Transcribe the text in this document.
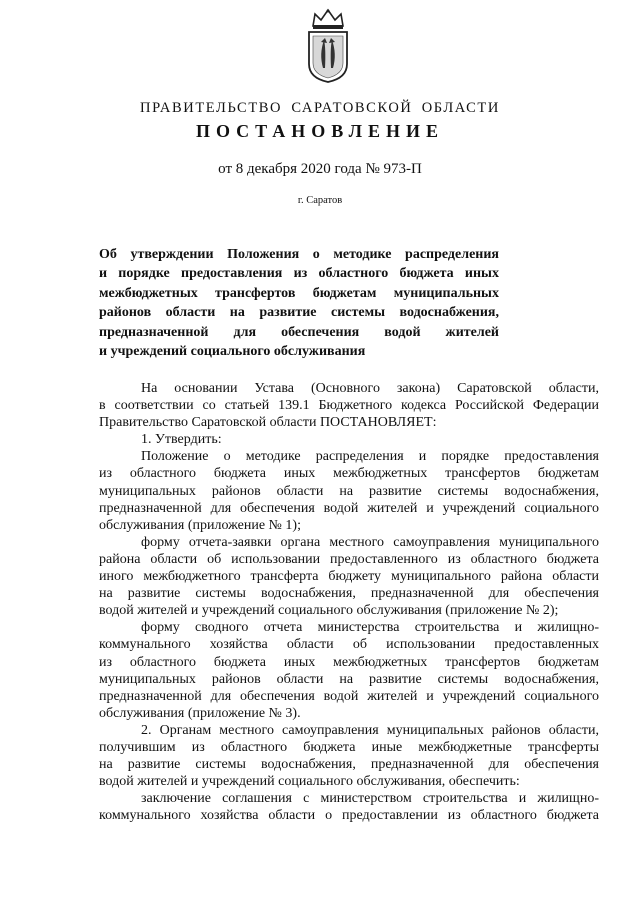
ПРАВИТЕЛЬСТВО САРАТОВСКОЙ ОБЛАСТИ
ПОСТАНОВЛЕНИЕ
от 8 декабря 2020 года № 973-П
г. Саратов
Об утверждении Положения о методике распределения
и порядке предоставления из областного бюджета иных
межбюджетных трансфертов бюджетам муниципальных
районов области на развитие системы водоснабжения,
предназначенной для обеспечения водой жителей
и учреждений социального обслуживания
На основании Устава (Основного закона) Саратовской области,
в соответствии со статьей 139.1 Бюджетного кодекса Российской Федерации
Правительство Саратовской области ПОСТАНОВЛЯЕТ:
1. Утвердить:
Положение о методике распределения и порядке предоставления
из областного бюджета иных межбюджетных трансфертов бюджетам
муниципальных районов области на развитие системы водоснабжения,
предназначенной для обеспечения водой жителей и учреждений социального
обслуживания (приложение № 1);
форму отчета-заявки органа местного самоуправления муниципального
района области об использовании предоставленного из областного бюджета
иного межбюджетного трансферта бюджету муниципального района области
на развитие системы водоснабжения, предназначенной для обеспечения
водой жителей и учреждений социального обслуживания (приложение № 2);
форму сводного отчета министерства строительства и жилищно-
коммунального хозяйства области об использовании предоставленных
из областного бюджета иных межбюджетных трансфертов бюджетам
муниципальных районов области на развитие системы водоснабжения,
предназначенной для обеспечения водой жителей и учреждений социального
обслуживания (приложение № 3).
2. Органам местного самоуправления муниципальных районов области,
получившим из областного бюджета иные межбюджетные трансферты
на развитие системы водоснабжения, предназначенной для обеспечения
водой жителей и учреждений социального обслуживания, обеспечить:
заключение соглашения с министерством строительства и жилищно-
коммунального хозяйства области о предоставлении из областного бюджета
